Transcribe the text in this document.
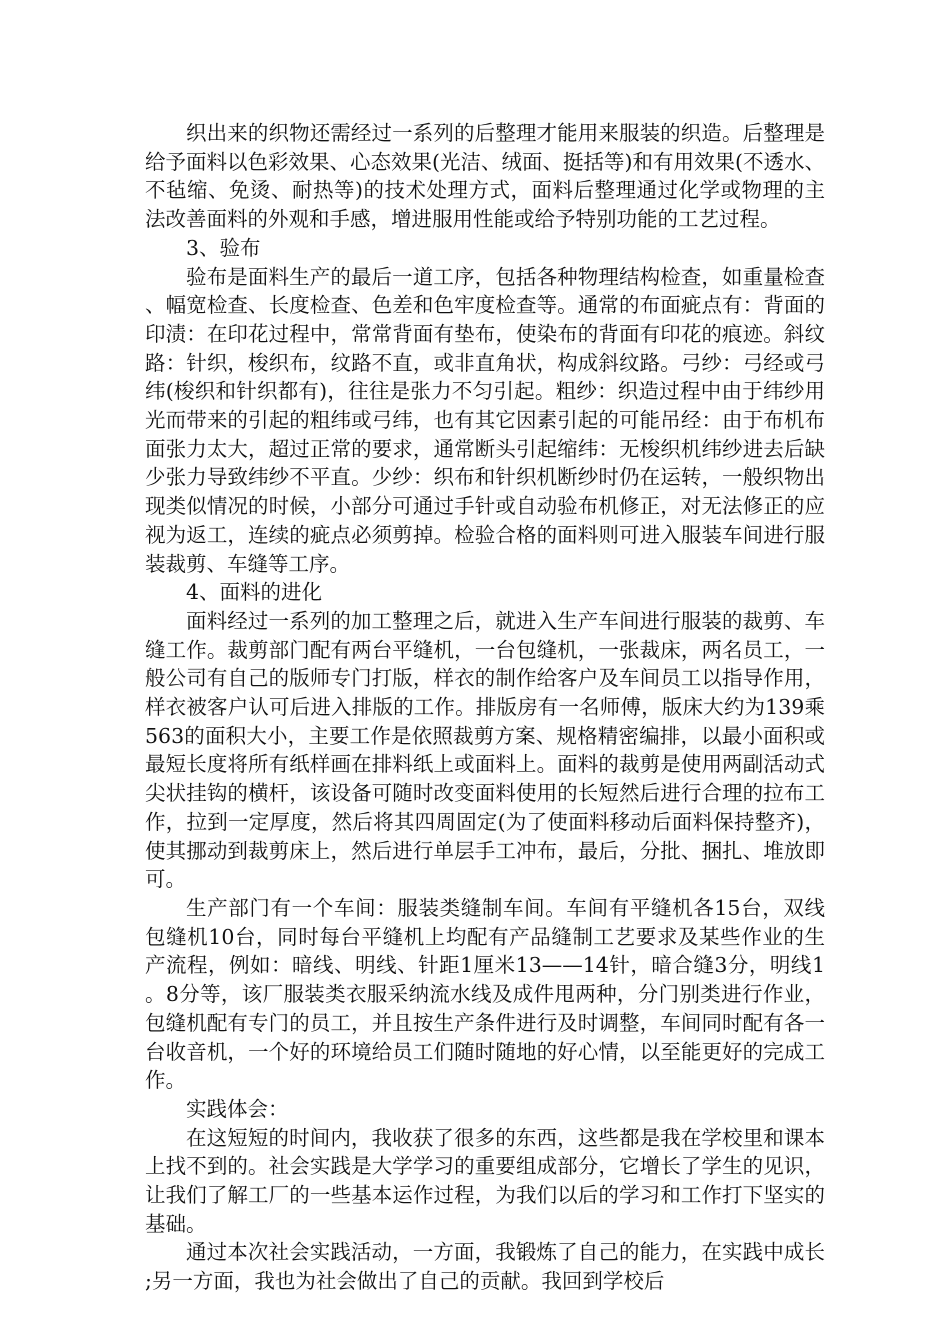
织出来的织物还需经过一系列的后整理才能用来服装的织造。后整理是给予面料以色彩效果、心态效果(光洁、绒面、挺括等)和有用效果(不透水、不毡缩、免烫、耐热等)的技术处理方式，面料后整理通过化学或物理的主法改善面料的外观和手感，增进服用性能或给予特别功能的工艺过程。

3、验布

验布是面料生产的最后一道工序，包括各种物理结构检查，如重量检查、幅宽检查、长度检查、色差和色牢度检查等。通常的布面疵点有：背面的印渍：在印花过程中，常常背面有垫布，使染布的背面有印花的痕迹。斜纹路：针织，梭织布，纹路不直，或非直角状，构成斜纹路。弓纱：弓经或弓纬(梭织和针织都有)，往往是张力不匀引起。粗纱：织造过程中由于纬纱用光而带来的引起的粗纬或弓纬，也有其它因素引起的可能吊经：由于布机布面张力太大，超过正常的要求，通常断头引起缩纬：无梭织机纬纱进去后缺少张力导致纬纱不平直。少纱：织布和针织机断纱时仍在运转，一般织物出现类似情况的时候，小部分可通过手针或自动验布机修正，对无法修正的应视为返工，连续的疵点必须剪掉。检验合格的面料则可进入服装车间进行服装裁剪、车缝等工序。

4、面料的进化

面料经过一系列的加工整理之后，就进入生产车间进行服装的裁剪、车缝工作。裁剪部门配有两台平缝机，一台包缝机，一张裁床，两名员工，一般公司有自己的版师专门打版，样衣的制作给客户及车间员工以指导作用，样衣被客户认可后进入排版的工作。排版房有一名师傅，版床大约为139乘563的面积大小，主要工作是依照裁剪方案、规格精密编排，以最小面积或最短长度将所有纸样画在排料纸上或面料上。面料的裁剪是使用两副活动式尖状挂钩的横杆，该设备可随时改变面料使用的长短然后进行合理的拉布工作，拉到一定厚度，然后将其四周固定(为了使面料移动后面料保持整齐)，使其挪动到裁剪床上，然后进行单层手工冲布，最后，分批、捆扎、堆放即可。

生产部门有一个车间：服装类缝制车间。车间有平缝机各15台，双线包缝机10台，同时每台平缝机上均配有产品缝制工艺要求及某些作业的生产流程，例如：暗线、明线、针距1厘米13——14针，暗合缝3分，明线1。8分等，该厂服装类衣服采纳流水线及成件甩两种，分门别类进行作业，包缝机配有专门的员工，并且按生产条件进行及时调整，车间同时配有各一台收音机，一个好的环境给员工们随时随地的好心情，以至能更好的完成工作。

实践体会：

在这短短的时间内，我收获了很多的东西，这些都是我在学校里和课本上找不到的。社会实践是大学学习的重要组成部分，它增长了学生的见识，让我们了解工厂的一些基本运作过程，为我们以后的学习和工作打下坚实的基础。

通过本次社会实践活动，一方面，我锻炼了自己的能力，在实践中成长;另一方面，我也为社会做出了自己的贡献。我回到学校后
